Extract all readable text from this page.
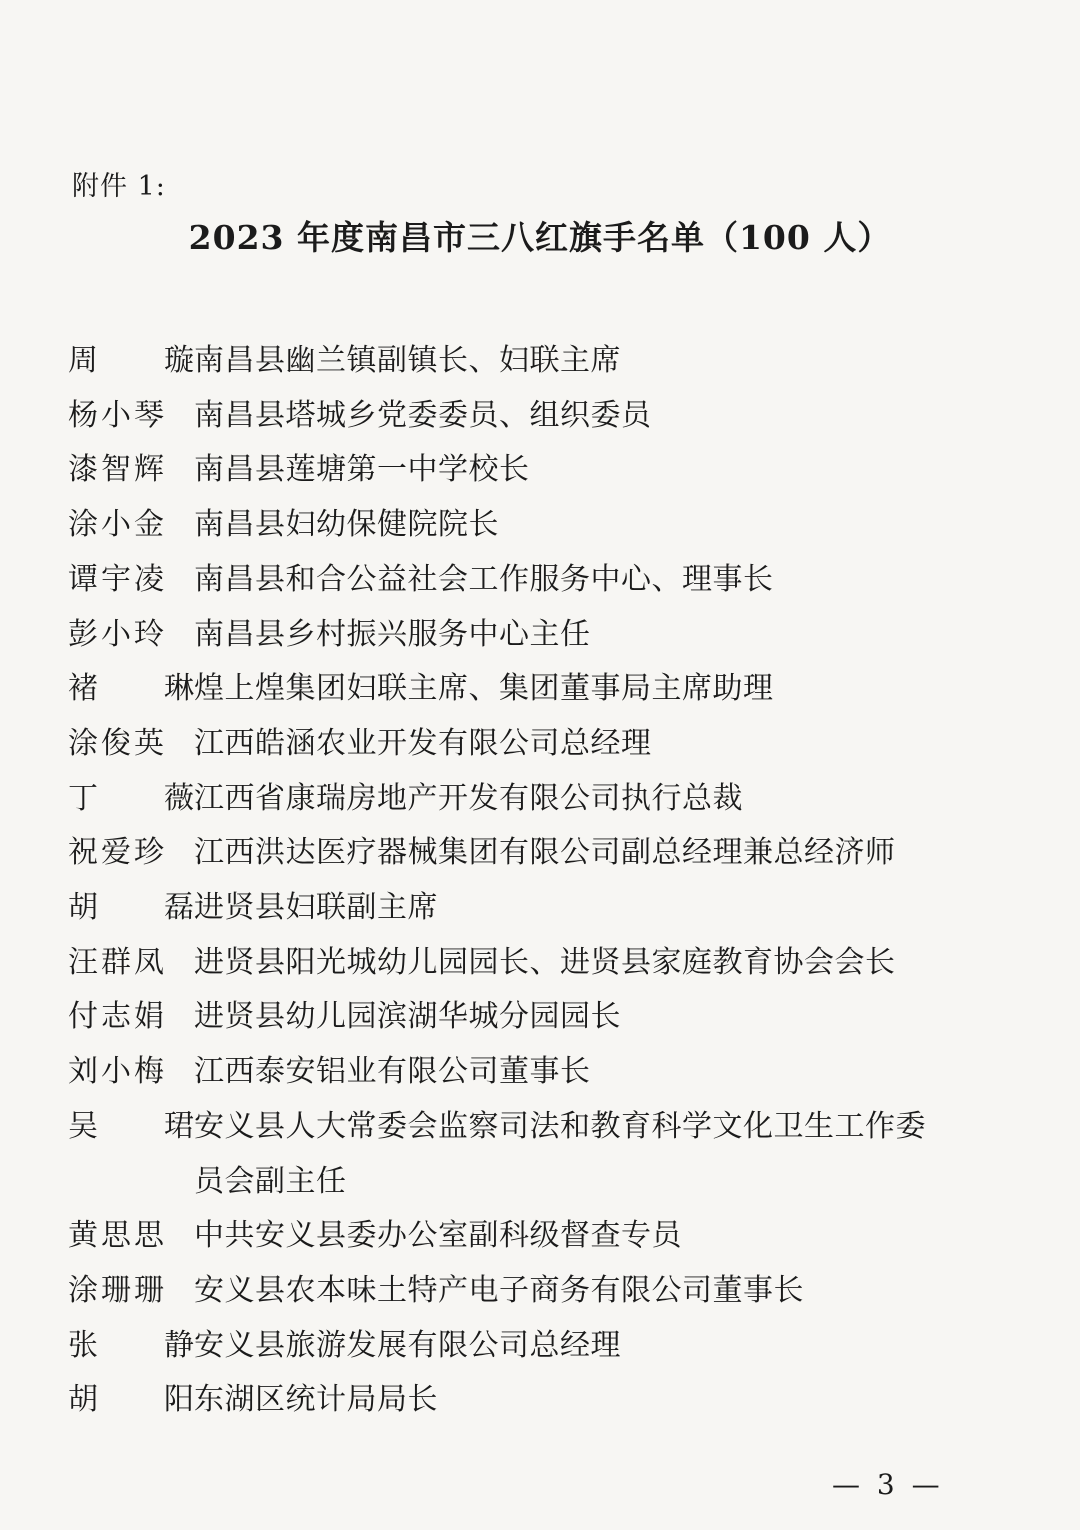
附件 1:
2023 年度南昌市三八红旗手名单（100 人）
周 璇 南昌县幽兰镇副镇长、妇联主席
杨小琴 南昌县塔城乡党委委员、组织委员
漆智辉 南昌县莲塘第一中学校长
涂小金 南昌县妇幼保健院院长
谭宇凌 南昌县和合公益社会工作服务中心、理事长
彭小玲 南昌县乡村振兴服务中心主任
褚 琳 煌上煌集团妇联主席、集团董事局主席助理
涂俊英 江西皓涵农业开发有限公司总经理
丁 薇 江西省康瑞房地产开发有限公司执行总裁
祝爱珍 江西洪达医疗器械集团有限公司副总经理兼总经济师
胡 磊 进贤县妇联副主席
汪群凤 进贤县阳光城幼儿园园长、进贤县家庭教育协会会长
付志娟 进贤县幼儿园滨湖华城分园园长
刘小梅 江西泰安铝业有限公司董事长
吴 珺 安义县人大常委会监察司法和教育科学文化卫生工作委员会副主任
黄思思 中共安义县委办公室副科级督查专员
涂珊珊 安义县农本味土特产电子商务有限公司董事长
张 静 安义县旅游发展有限公司总经理
胡 阳 东湖区统计局局长
— 3 —
